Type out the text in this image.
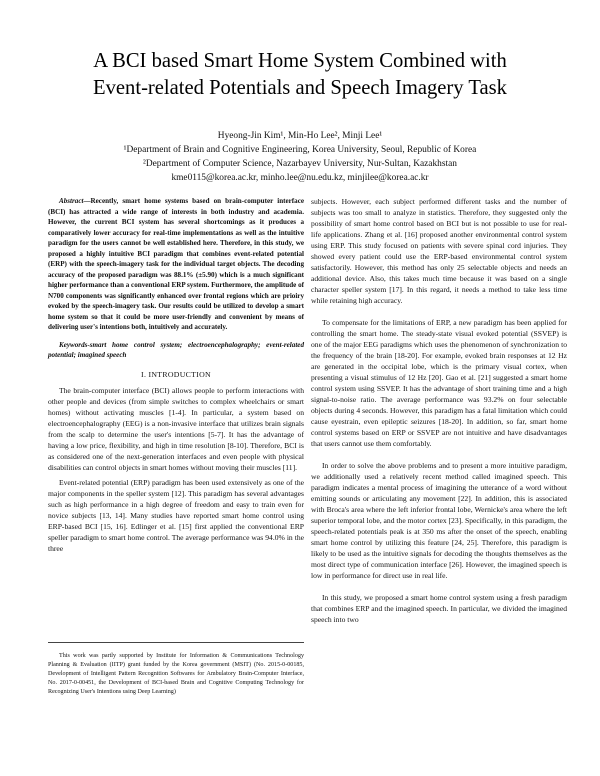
A BCI based Smart Home System Combined with
Event-related Potentials and Speech Imagery Task
Hyeong-Jin Kim¹, Min-Ho Lee², Minji Lee¹
¹Department of Brain and Cognitive Engineering, Korea University, Seoul, Republic of Korea
²Department of Computer Science, Nazarbayev University, Nur-Sultan, Kazakhstan
kme0115@korea.ac.kr, minho.lee@nu.edu.kz, minjilee@korea.ac.kr

Abstract—Recently, smart home systems based on brain-computer interface (BCI) has attracted a wide range of interests in both industry and academia. However, the current BCI system has several shortcomings as it produces a comparatively lower accuracy for real-time implementations as well as the intuitive paradigm for the users cannot be well established here. Therefore, in this study, we proposed a highly intuitive BCI paradigm that combines event-related potential (ERP) with the speech-imagery task for the individual target objects. The decoding accuracy of the proposed paradigm was 88.1% (±5.90) which is a much significant higher performance than a conventional ERP system. Furthermore, the amplitude of N700 components was significantly enhanced over frontal regions which are prioiry evoked by the speech-imagery task. Our results could be utilized to develop a smart home system so that it could be more user-friendly and convenient by means of delivering user's intentions both, intuitively and accurately.

Keywords-smart home control system; electroencephalography; event-related potential; imagined speech

I. INTRODUCTION

The brain-computer interface (BCI) allows people to perform interactions with other people and devices (from simple switches to complex wheelchairs or smart homes) without activating muscles [1-4]. In particular, a system based on electroencephalography (EEG) is a non-invasive interface that utilizes brain signals from the scalp to determine the user's intentions [5-7]. It has the advantage of having a low price, flexibility, and high in time resolution [8-10]. Therefore, BCI is as considered one of the next-generation interfaces and even people with physical disabilities can control objects in smart homes without moving their muscles [11].

Event-related potential (ERP) paradigm has been used extensively as one of the major components in the speller system [12]. This paradigm has several advantages such as high performance in a high degree of freedom and easy to train even for novice subjects [13, 14]. Many studies have reported smart home control using ERP-based BCI [15, 16]. Edlinger et al. [15] first applied the conventional ERP speller paradigm to smart home control. The average performance was 94.0% in the three

This work was partly supported by Institute for Information & Communications Technology Planning & Evaluation (IITP) grant funded by the Korea government (MSIT) (No. 2015-0-00185, Development of Intelligent Pattern Recognition Softwares for Ambulatory Brain-Computer Interface, No. 2017-0-00451, the Development of BCI-based Brain and Cognitive Computing Technology for Recognizing User's Intentions using Deep Learning)

subjects. However, each subject performed different tasks and the number of subjects was too small to analyze in statistics. Therefore, they suggested only the possibility of smart home control based on BCI but is not possible to use for real-life applications. Zhang et al. [16] proposed another environmental control system using ERP. This study focused on patients with severe spinal cord injuries. They showed every patient could use the ERP-based environmental control system satisfactorily. However, this method has only 25 selectable objects and needs an additional device. Also, this takes much time because it was based on a single character speller system [17]. In this regard, it needs a method to take less time while retaining high accuracy.

To compensate for the limitations of ERP, a new paradigm has been applied for controlling the smart home. The steady-state visual evoked potential (SSVEP) is one of the major EEG paradigms which uses the phenomenon of synchronization to the frequency of the brain [18-20]. For example, evoked brain responses at 12 Hz are generated in the occipital lobe, which is the primary visual cortex, when presenting a visual stimulus of 12 Hz [20]. Gao et al. [21] suggested a smart home control system using SSVEP. It has the advantage of short training time and a high signal-to-noise ratio. The average performance was 93.2% on four selectable objects during 4 seconds. However, this paradigm has a fatal limitation which could cause eyestrain, even epileptic seizures [18-20]. In addition, so far, smart home control systems based on ERP or SSVEP are not intuitive and have disadvantages that users cannot use them comfortably.

In order to solve the above problems and to present a more intuitive paradigm, we additionally used a relatively recent method called imagined speech. This paradigm indicates a mental process of imagining the utterance of a word without emitting sounds or articulating any movement [22]. In addition, this is associated with Broca's area where the left inferior frontal lobe, Wernicke's area where the left superior temporal lobe, and the motor cortex [23]. Specifically, in this paradigm, the speech-related potentials peak is at 350 ms after the onset of the speech, enabling smart home control by utilizing this feature [24, 25]. Therefore, this paradigm is likely to be used as the intuitive signals for decoding the thoughts themselves as the most direct type of communication interface [26]. However, the imagined speech is low in performance for direct use in real life.

In this study, we proposed a smart home control system using a fresh paradigm that combines ERP and the imagined speech. In particular, we divided the imagined speech into two
